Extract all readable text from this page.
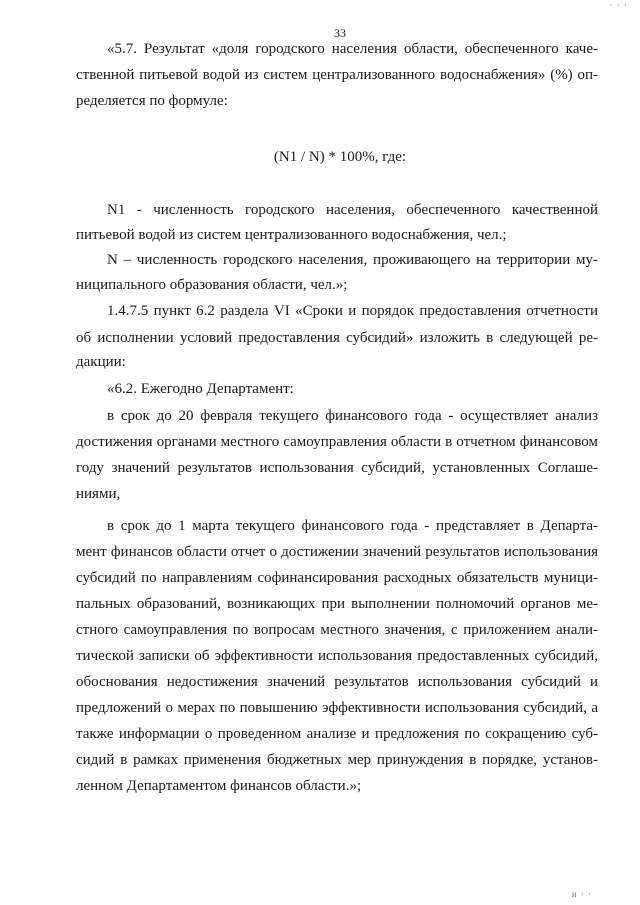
· · ·
33
«5.7. Результат «доля городского населения области, обеспеченного каче-
ственной питьевой водой из систем централизованного водоснабжения» (%) оп-
ределяется по формуле:
(N1 / N) * 100%, где:
N1 - численность городского населения, обеспеченного качественной
питьевой водой из систем централизованного водоснабжения, чел.;
N – численность городского населения, проживающего на территории му-
ниципального образования области, чел.»;
1.4.7.5 пункт 6.2 раздела VI «Сроки и порядок предоставления отчетности
об исполнении условий предоставления субсидий» изложить в следующей ре-
дакции:
«6.2. Ежегодно Департамент:
в срок до 20 февраля текущего финансового года - осуществляет анализ
достижения органами местного самоуправления области в отчетном финансовом
году значений результатов использования субсидий, установленных Соглаше-
ниями,
в срок до 1 марта текущего финансового года - представляет в Департа-
мент финансов области отчет о достижении значений результатов использования
субсидий по направлениям софинансирования расходных обязательств муници-
пальных образований, возникающих при выполнении полномочий органов ме-
стного самоуправления по вопросам местного значения, с приложением анали-
тической записки об эффективности использования предоставленных субсидий,
обоснования недостижения значений результатов использования субсидий и
предложений о мерах по повышению эффективности использования субсидий, а
также информации о проведенном анализе и предложения по сокращению суб-
сидий в рамках применения бюджетных мер принуждения в порядке, установ-
ленном Департаментом финансов области.»;
и · ·
